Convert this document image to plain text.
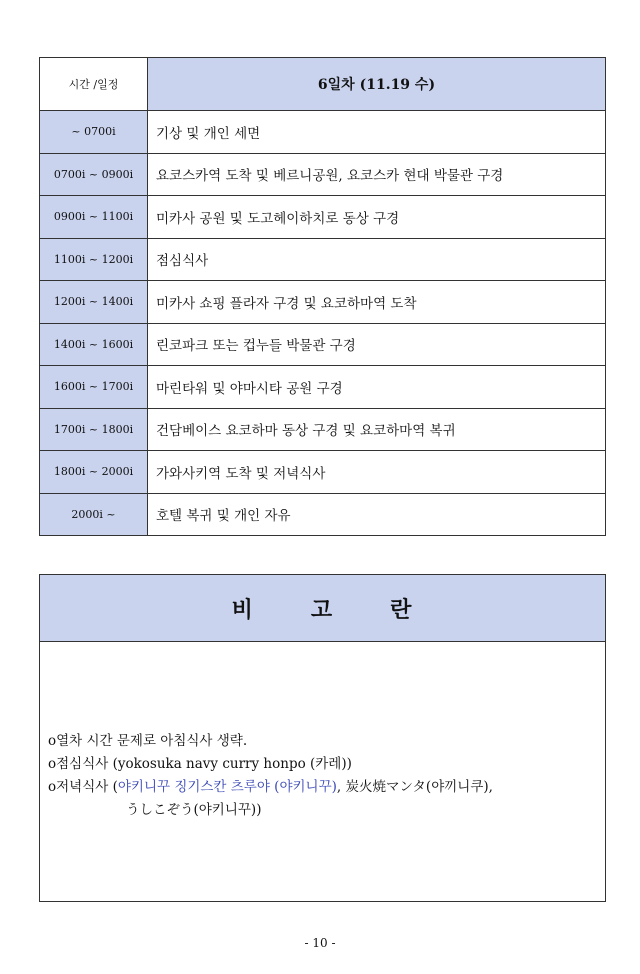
시간 /일정	6일차 (11.19 수)
~ 0700i	기상 및 개인 세면
0700i ~ 0900i	요코스카역 도착 및 베르니공원, 요코스카 현대 박물관 구경
0900i ~ 1100i	미카사 공원 및 도고헤이하치로 동상 구경
1100i ~ 1200i	점심식사
1200i ~ 1400i	미카사 쇼핑 플라자 구경 및 요코하마역 도착
1400i ~ 1600i	린코파크 또는 컵누들 박물관 구경
1600i ~ 1700i	마린타워 및 야마시타 공원 구경
1700i ~ 1800i	건담베이스 요코하마 동상 구경 및 요코하마역 복귀
1800i ~ 2000i	가와사키역 도착 및 저녁식사
2000i ~	호텔 복귀 및 개인 자유
비	고	란
o열차 시간 문제로 아침식사 생략.
o점심식사 (yokosuka navy curry honpo (카레))
o저녁식사 (야키니꾸 징기스칸 츠루야 (야키니꾸), 炭火焼マンタ(야끼니쿠),
うしこぞう(야키니꾸))
- 10 -
